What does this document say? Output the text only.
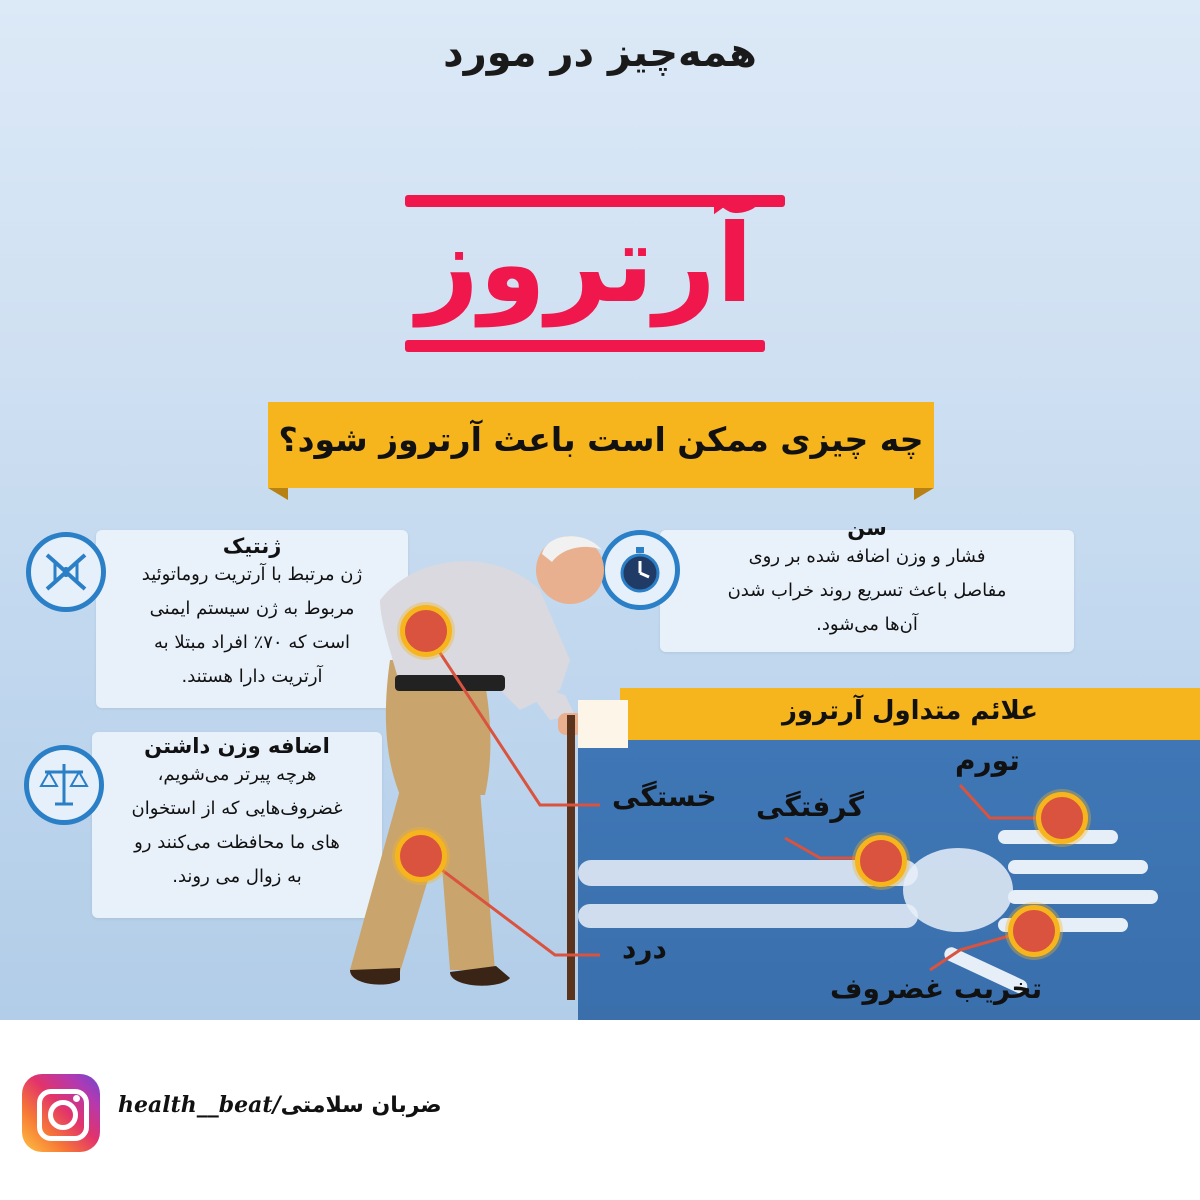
همه‌چیز در مورد
آرتروز
چه چیزی ممکن است باعث آرتروز شود؟
ژنتیک
ژن مرتبط با آرتریت روماتوئید
مربوط به ژن سیستم ایمنی
است که ۷۰٪ افراد مبتلا به
آرتریت دارا هستند.
اضافه وزن داشتن
هرچه پیرتر می‌شویم،
غضروف‌هایی که از استخوان
های ما محافظت می‌کنند رو
به زوال می روند.
سن
فشار و وزن اضافه شده بر روی
مفاصل باعث تسریع روند خراب شدن
آن‌ها می‌شود.
علائم متداول آرتروز
خستگی گرفتگی
تورم
درد
تخریب غضروف
health__beat/ضربان سلامتی
